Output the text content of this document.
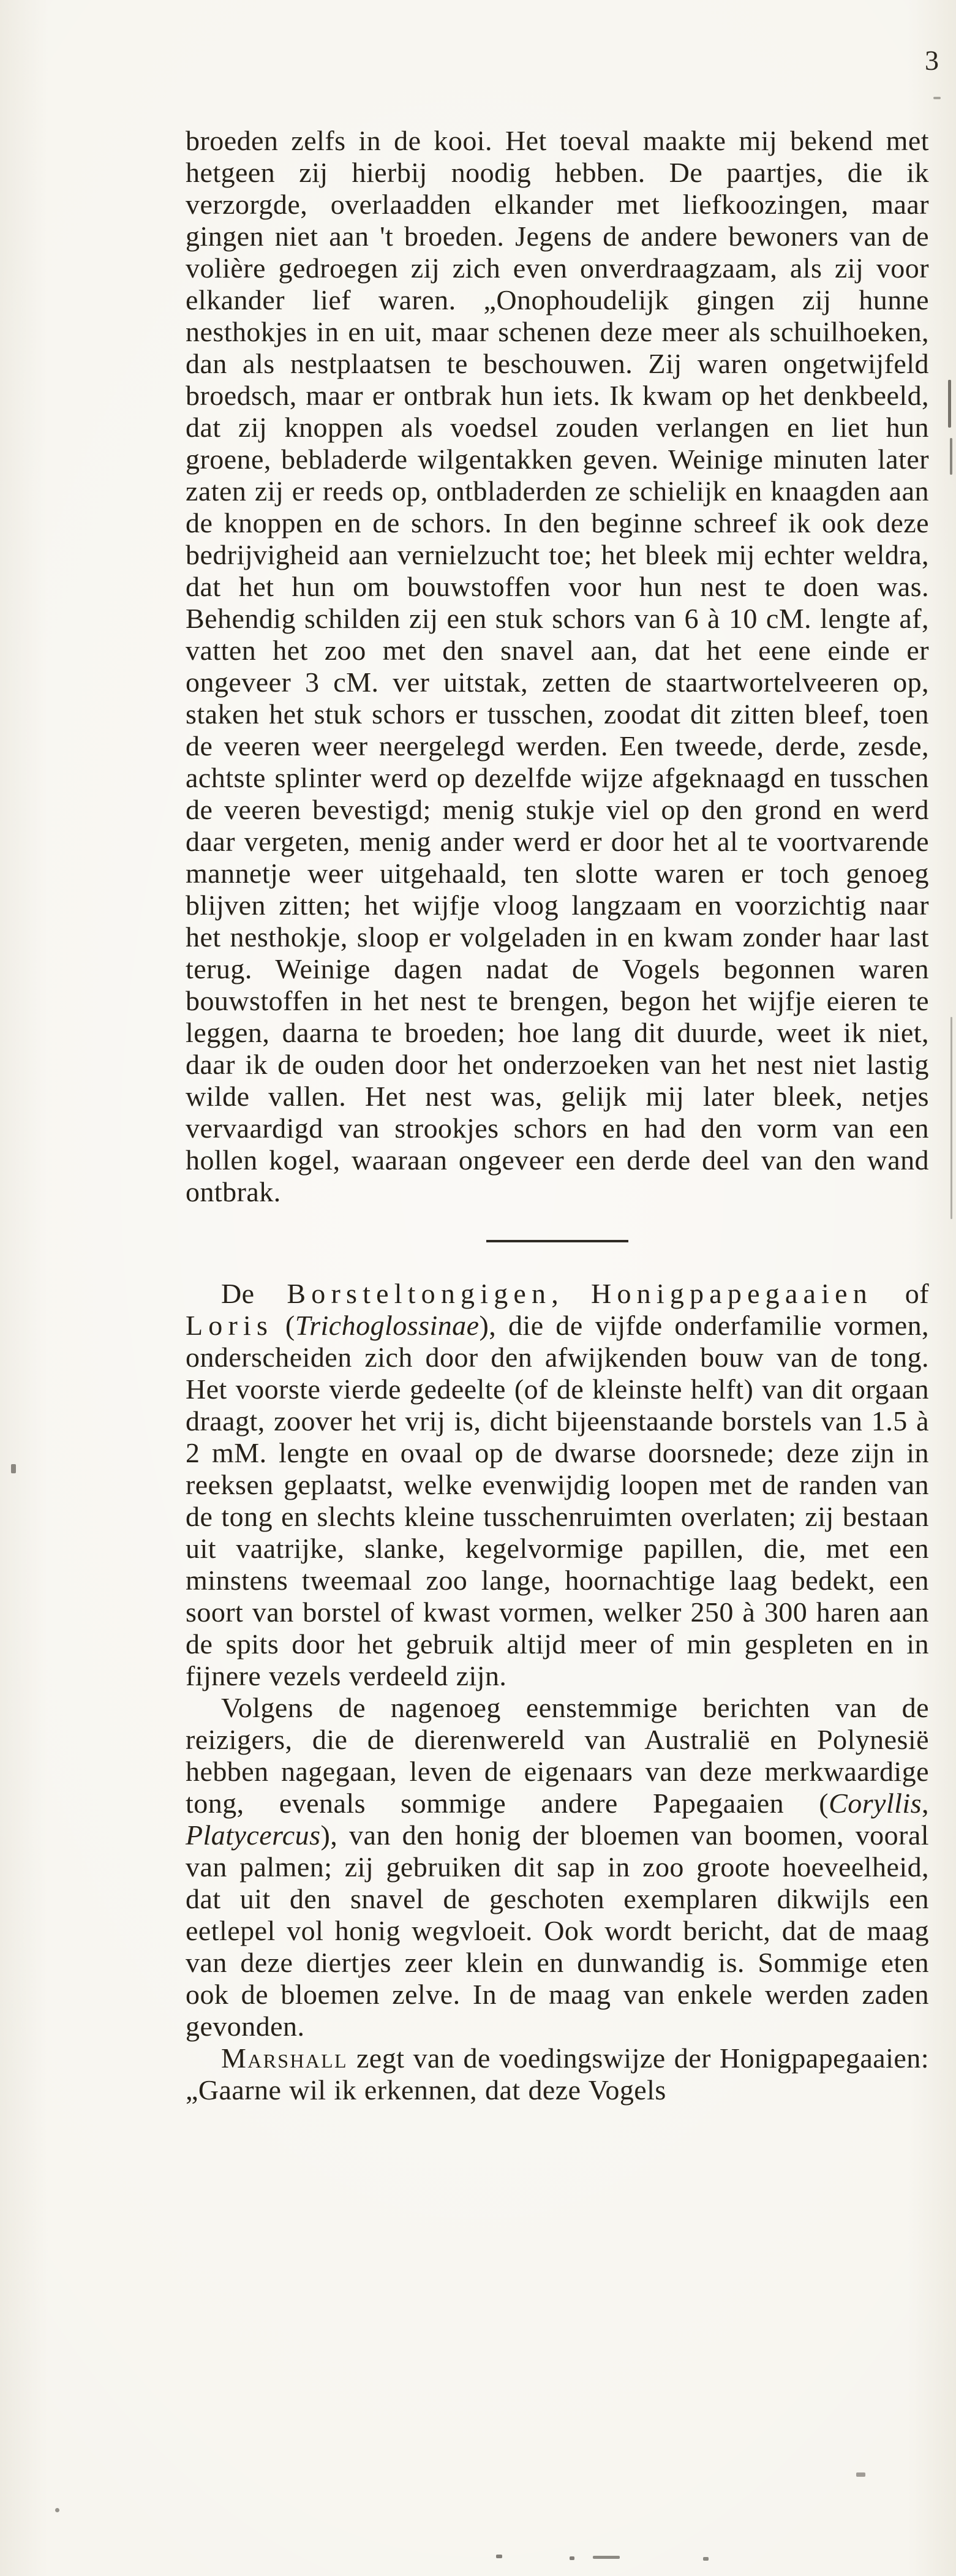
3

broeden zelfs in de kooi. Het toeval maakte mij bekend met hetgeen zij hierbij noodig hebben. De paartjes, die ik verzorgde, overlaadden elkander met liefkoozingen, maar gingen niet aan 't broeden. Jegens de andere bewoners van de volière gedroegen zij zich even onverdraagzaam, als zij voor elkander lief waren. „Onophoudelijk gingen zij hunne nesthokjes in en uit, maar schenen deze meer als schuilhoeken, dan als nestplaatsen te beschouwen. Zij waren ongetwijfeld broedsch, maar er ontbrak hun iets. Ik kwam op het denkbeeld, dat zij knoppen als voedsel zouden verlangen en liet hun groene, bebladerde wilgentakken geven. Weinige minuten later zaten zij er reeds op, ontbladerden ze schielijk en knaagden aan de knoppen en de schors. In den beginne schreef ik ook deze bedrijvigheid aan vernielzucht toe; het bleek mij echter weldra, dat het hun om bouwstoffen voor hun nest te doen was. Behendig schilden zij een stuk schors van 6 à 10 cM. lengte af, vatten het zoo met den snavel aan, dat het eene einde er ongeveer 3 cM. ver uitstak, zetten de staartwortelveeren op, staken het stuk schors er tusschen, zoodat dit zitten bleef, toen de veeren weer neergelegd werden. Een tweede, derde, zesde, achtste splinter werd op dezelfde wijze afgeknaagd en tusschen de veeren bevestigd; menig stukje viel op den grond en werd daar vergeten, menig ander werd er door het al te voortvarende mannetje weer uitgehaald, ten slotte waren er toch genoeg blijven zitten; het wijfje vloog langzaam en voorzichtig naar het nesthokje, sloop er volgeladen in en kwam zonder haar last terug. Weinige dagen nadat de Vogels begonnen waren bouwstoffen in het nest te brengen, begon het wijfje eieren te leggen, daarna te broeden; hoe lang dit duurde, weet ik niet, daar ik de ouden door het onderzoeken van het nest niet lastig wilde vallen. Het nest was, gelijk mij later bleek, netjes vervaardigd van strookjes schors en had den vorm van een hollen kogel, waaraan ongeveer een derde deel van den wand ontbrak.

De Borsteltongigen, Honigpapegaaien of Loris (Trichoglossinae), die de vijfde onderfamilie vormen, onderscheiden zich door den afwijkenden bouw van de tong. Het voorste vierde gedeelte (of de kleinste helft) van dit orgaan draagt, zoover het vrij is, dicht bijeenstaande borstels van 1.5 à 2 mM. lengte en ovaal op de dwarse doorsnede; deze zijn in reeksen geplaatst, welke evenwijdig loopen met de randen van de tong en slechts kleine tusschenruimten overlaten; zij bestaan uit vaatrijke, slanke, kegelvormige papillen, die, met een minstens tweemaal zoo lange, hoornachtige laag bedekt, een soort van borstel of kwast vormen, welker 250 à 300 haren aan de spits door het gebruik altijd meer of min gespleten en in fijnere vezels verdeeld zijn.

Volgens de nagenoeg eenstemmige berichten van de reizigers, die de dierenwereld van Australië en Polynesië hebben nagegaan, leven de eigenaars van deze merkwaardige tong, evenals sommige andere Papegaaien (Coryllis, Platycercus), van den honig der bloemen van boomen, vooral van palmen; zij gebruiken dit sap in zoo groote hoeveelheid, dat uit den snavel de geschoten exemplaren dikwijls een eetlepel vol honig wegvloeit. Ook wordt bericht, dat de maag van deze diertjes zeer klein en dunwandig is. Sommige eten ook de bloemen zelve. In de maag van enkele werden zaden gevonden.

Marshall zegt van de voedingswijze der Honigpapegaaien: „Gaarne wil ik erkennen, dat deze Vogels
